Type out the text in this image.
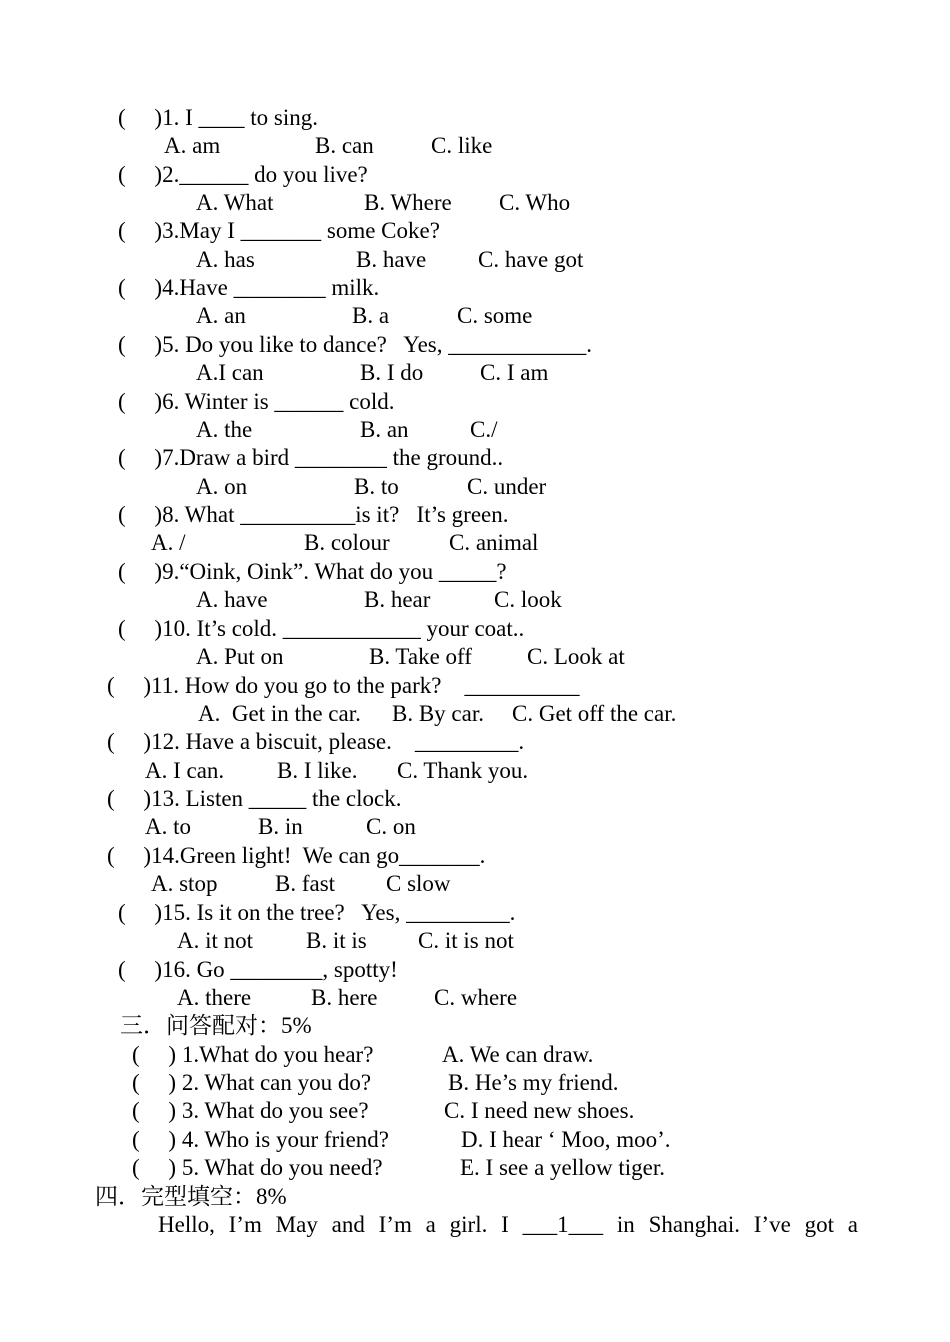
(     )1. I ____ to sing.
A. am	B. can C. like
(     )2.______ do you live?
A. What	B. Where C. Who
(     )3.May I _______ some Coke?
A. has	B. have C. have got
(     )4.Have ________ milk.
A. an	B. a	C. some
(     )5. Do you like to dance?   Yes, ____________.
A.I can	B. I do C. I am
(     )6. Winter is ______ cold.
A. the	B. an	C./
(     )7.Draw a bird ________ the ground..
A. on	B. to	C. under
(     )8. What __________is it?   It’s green.
A. /	B. colour	C. animal
(     )9.“Oink, Oink”. What do you _____?
A. have	B. hear	C. look
(     )10. It’s cold. ____________ your coat..
A. Put on	B. Take off C. Look at
(     )11. How do you go to the park?    __________
A.  Get in the car. B. By car. C. Get off the car.
(     )12. Have a biscuit, please.    _________.
A. I can. B. I like. C. Thank you.
(     )13. Listen _____ the clock.
A. to	B. in	C. on
(     )14.Green light!  We can go_______.
A. stop	B. fast C slow
(     )15. Is it on the tree?   Yes, _________.
A. it not B. it is C. it is not
(     )16. Go ________, spotty!
A. there	B. here C. where
三．问答配对：5%
(     ) 1.What do you hear?	A. We can draw.
(     ) 2. What can you do?	B. He’s my friend.
(     ) 3. What do you see?	C. I need new shoes.
(     ) 4. Who is your friend?	D. I hear ‘ Moo, moo’.
(     ) 5. What do you need?	E. I see a yellow tiger.
四．完型填空：8%
Hello, I’m May and I’m a girl. I ___1___ in Shanghai. I’ve got a
